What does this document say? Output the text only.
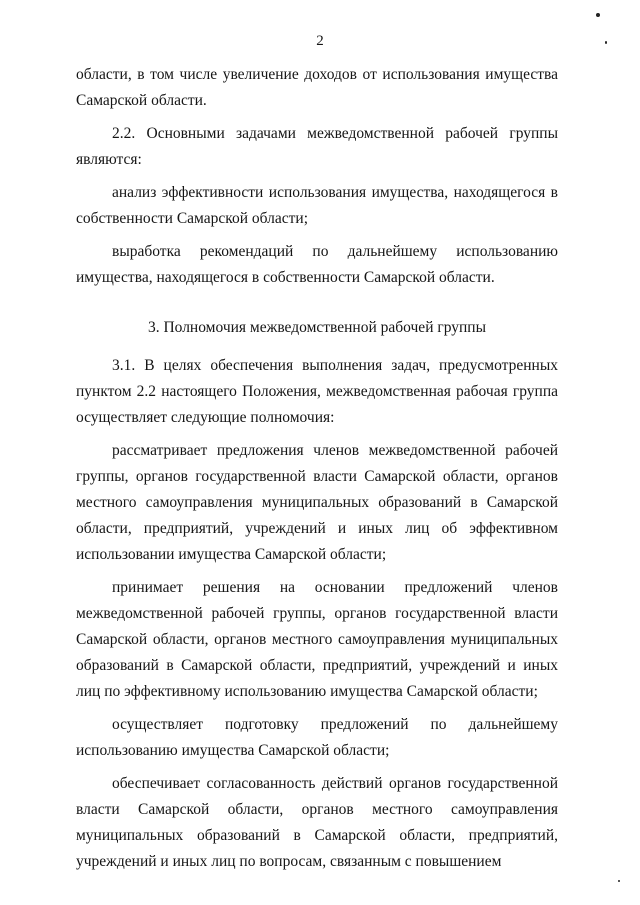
2

области, в том числе увеличение доходов от использования имущества Самарской области.

2.2. Основными задачами межведомственной рабочей группы являются:

анализ эффективности использования имущества, находящегося в собственности Самарской области;

выработка рекомендаций по дальнейшему использованию имущества, находящегося в собственности Самарской области.

3. Полномочия межведомственной рабочей группы

3.1. В целях обеспечения выполнения задач, предусмотренных пунктом 2.2 настоящего Положения, межведомственная рабочая группа осуществляет следующие полномочия:

рассматривает предложения членов межведомственной рабочей группы, органов государственной власти Самарской области, органов местного самоуправления муниципальных образований в Самарской области, предприятий, учреждений и иных лиц об эффективном использовании имущества Самарской области;

принимает решения на основании предложений членов межведомственной рабочей группы, органов государственной власти Самарской области, органов местного самоуправления муниципальных образований в Самарской области, предприятий, учреждений и иных лиц по эффективному использованию имущества Самарской области;

осуществляет подготовку предложений по дальнейшему использованию имущества Самарской области;

обеспечивает согласованность действий органов государственной власти Самарской области, органов местного самоуправления муниципальных образований в Самарской области, предприятий, учреждений и иных лиц по вопросам, связанным с повышением
